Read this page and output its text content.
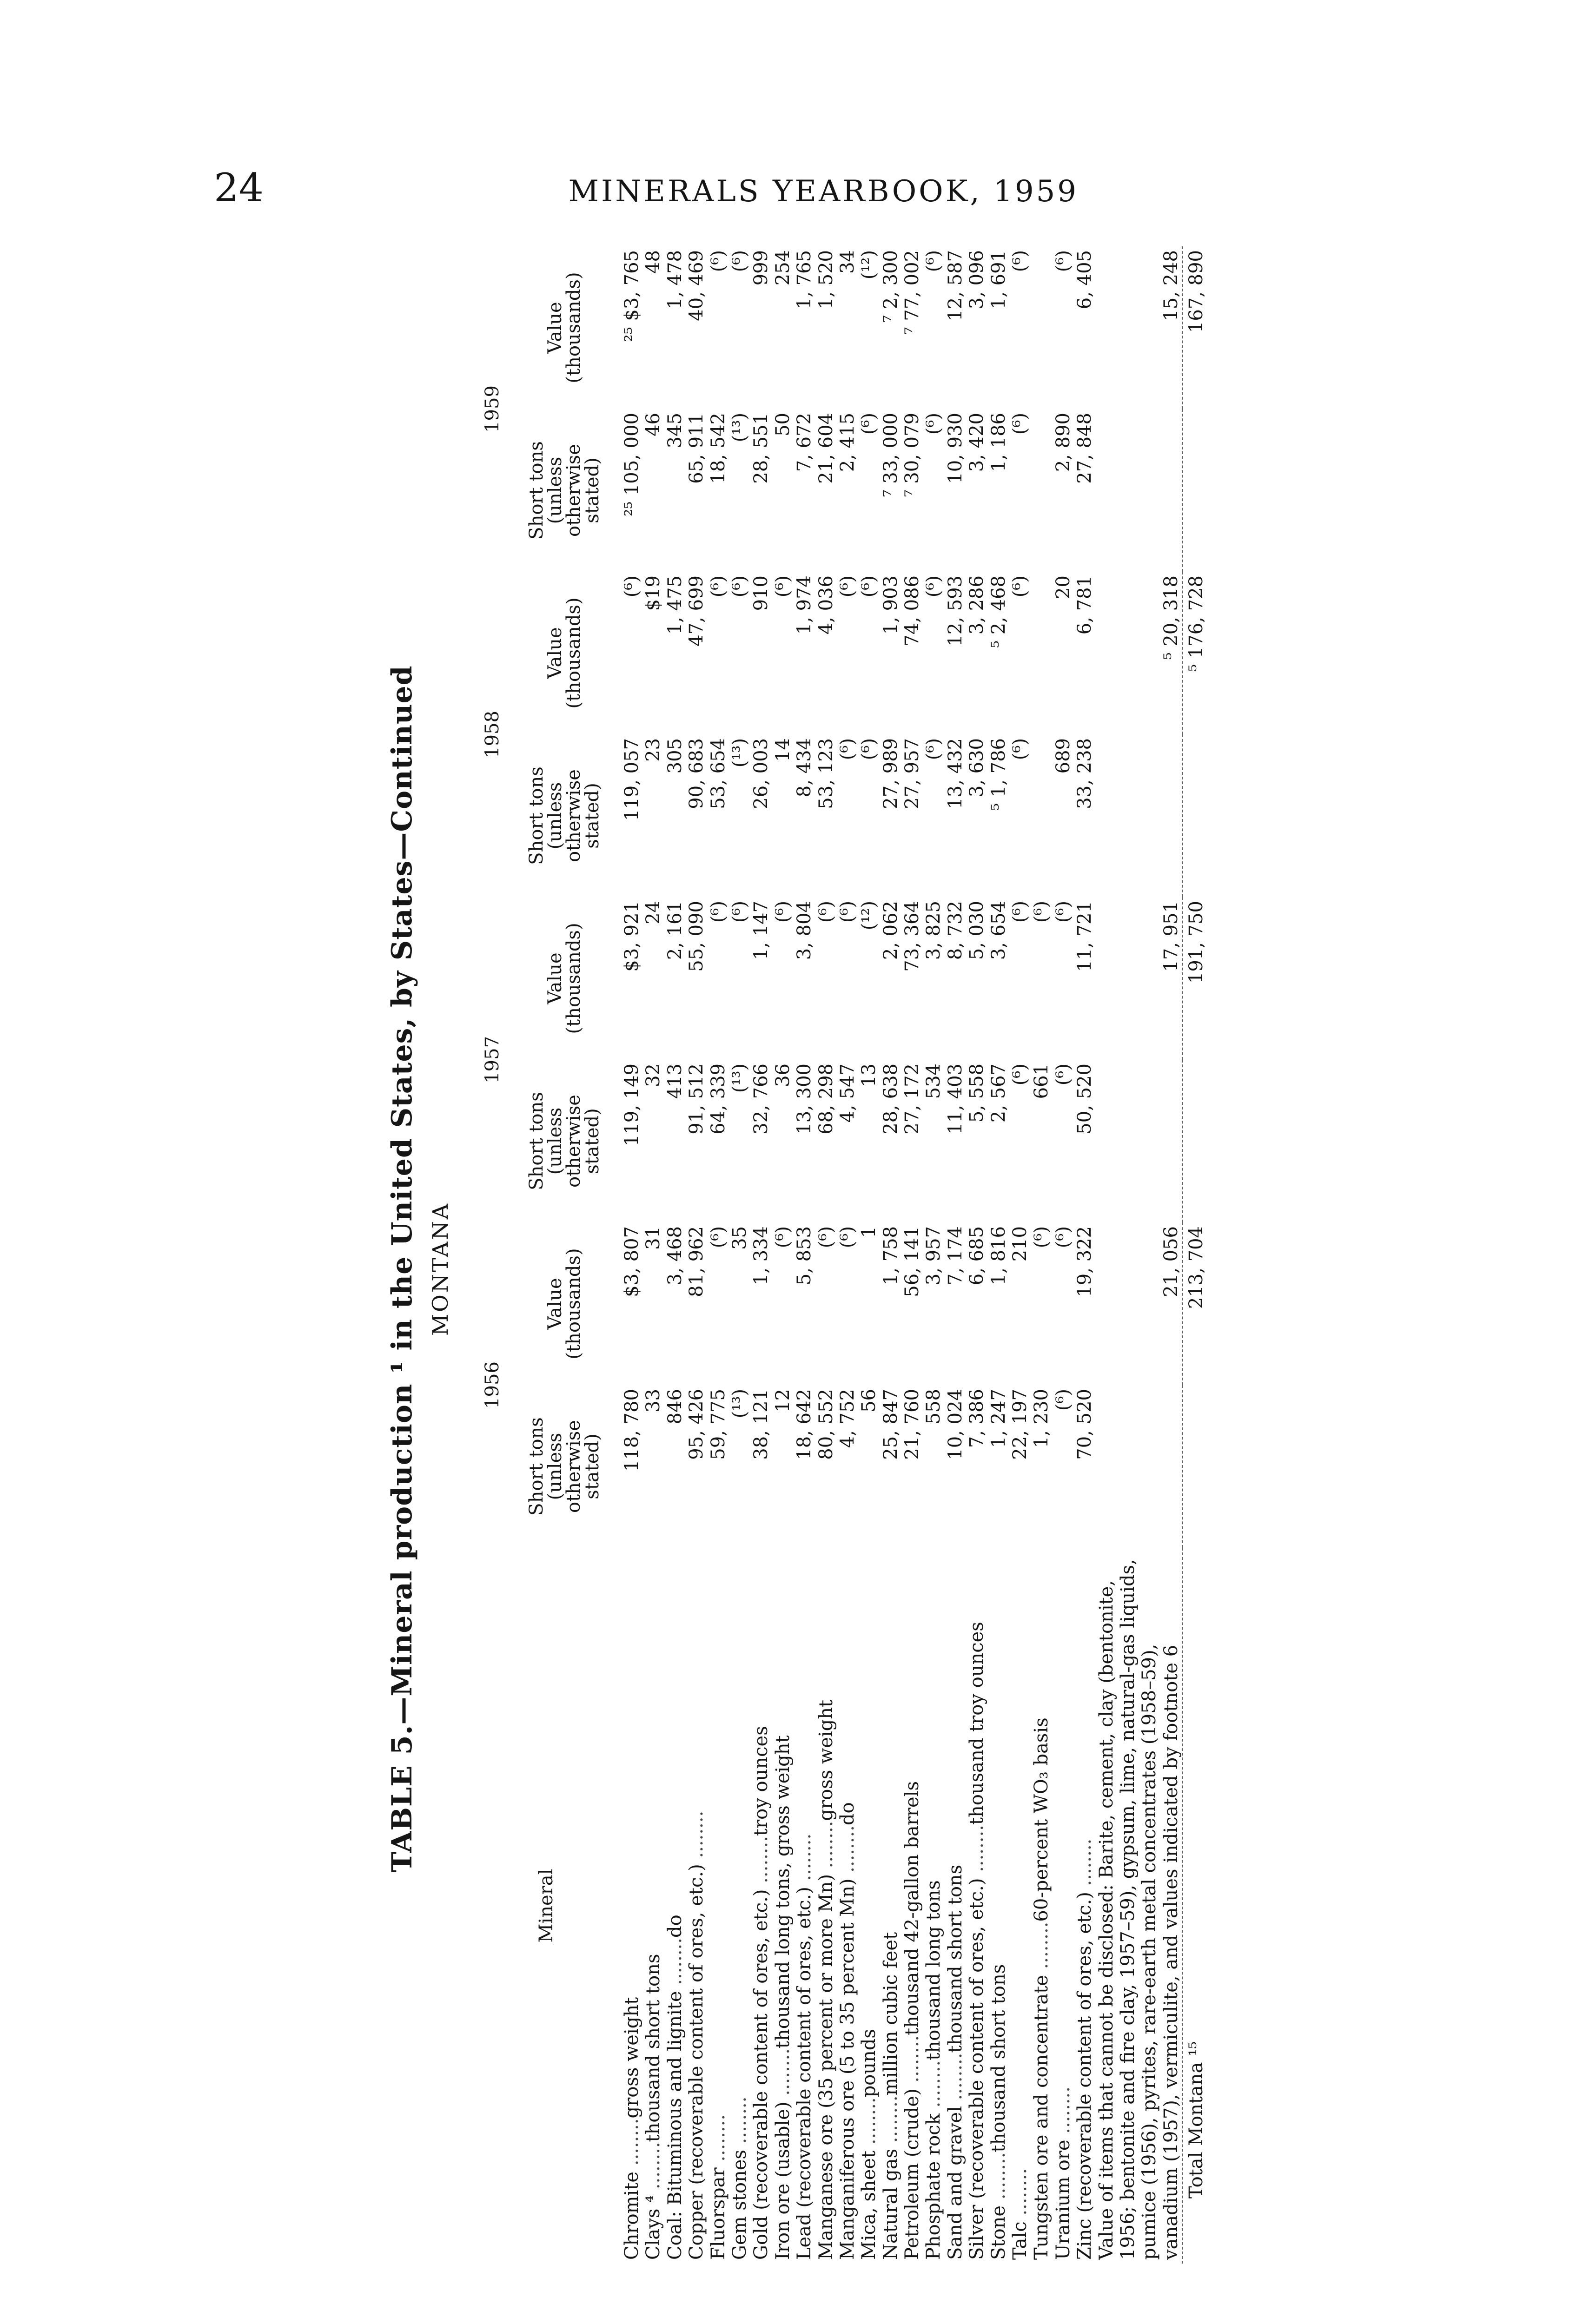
24	MINERALS YEARBOOK, 1959
TABLE 5.—Mineral production ¹ in the United States, by States—Continued MONTANA
Mineral	1956		1957		1958		1959	
	Short tons (unless otherwise stated)	Value (thousands)	Short tons (unless otherwise stated)	Value (thousands)	Short tons (unless otherwise stated)	Value (thousands)	Short tons (unless otherwise stated)	Value (thousands)

Chromite ........gross weight	118, 780	$3, 807	119, 149	$3, 921	119, 057	(⁶)	²⁵ 105, 000	²⁵ $3, 765
Clays ⁴ ........thousand short tons	33	31	32	24	23	$19	46	48
Coal: Bituminous and lignite ........do	846	3, 468	413	2, 161	305	1, 475	345	1, 478
Copper (recoverable content of ores, etc.) ........	95, 426	81, 962	91, 512	55, 090	90, 683	47, 699	65, 911	40, 469
Fluorspar ........	59, 775	(⁶)	64, 339	(⁶)	53, 654	(⁶)	18, 542	(⁶)
Gem stones ........	(¹³)	35	(¹³)	(⁶)	(¹³)	(⁶)	(¹³)	(⁶)
Gold (recoverable content of ores, etc.) ........troy ounces	38, 121	1, 334	32, 766	1, 147	26, 003	910	28, 551	999
Iron ore (usable) ........thousand long tons, gross weight	12	(⁶)	36	(⁶)	14	(⁶)	50	254
Lead (recoverable content of ores, etc.) ........	18, 642	5, 853	13, 300	3, 804	8, 434	1, 974	7, 672	1, 765
Manganese ore (35 percent or more Mn) ........gross weight	80, 552	(⁶)	68, 298	(⁶)	53, 123	4, 036	21, 604	1, 520
Manganiferous ore (5 to 35 percent Mn) ........do	4, 752	(⁶)	4, 547	(⁶)	(⁶)	(⁶)	2, 415	34
Mica, sheet ........pounds	56	1	13	(¹²)	(⁶)	(⁶)	(⁶)	(¹²)
Natural gas ........million cubic feet	25, 847	1, 758	28, 638	2, 062	27, 989	1, 903	⁷ 33, 000	⁷ 2, 300
Petroleum (crude) ........thousand 42-gallon barrels	21, 760	56, 141	27, 172	73, 364	27, 957	74, 086	⁷ 30, 079	⁷ 77, 002
Phosphate rock ........thousand long tons	558	3, 957	534	3, 825	(⁶)	(⁶)	(⁶)	(⁶)
Sand and gravel ........thousand short tons	10, 024	7, 174	11, 403	8, 732	13, 432	12, 593	10, 930	12, 587
Silver (recoverable content of ores, etc.) ........thousand troy ounces	7, 386	6, 685	5, 558	5, 030	3, 630	3, 286	3, 420	3, 096
Stone ........thousand short tons	1, 247	1, 816	2, 567	3, 654	⁵ 1, 786	⁵ 2, 468	1, 186	1, 691
Talc ........	22, 197	210	(⁶)	(⁶)	(⁶)	(⁶)	(⁶)	(⁶)
Tungsten ore and concentrate ........60-percent WO₃ basis	1, 230	(⁶)	661	(⁶)				
Uranium ore ........	(⁶)	(⁶)	(⁶)	(⁶)	689	20	2, 890	(⁶)
Zinc (recoverable content of ores, etc.) ........	70, 520	19, 322	50, 520	11, 721	33, 238	6, 781	27, 848	6, 405
Value of items that cannot be disclosed: Barite, cement, clay (bentonite, 1956; bentonite and fire clay, 1957–59), gypsum, lime, natural-gas liquids, pumice (1956), pyrites, rare-earth metal concentrates (1958–59), vanadium (1957), vermiculite, and values indicated by footnote 6		21, 056		17, 951		⁵ 20, 318		15, 248
Total Montana ¹⁵		213, 704		191, 750		⁵ 176, 728		167, 890
